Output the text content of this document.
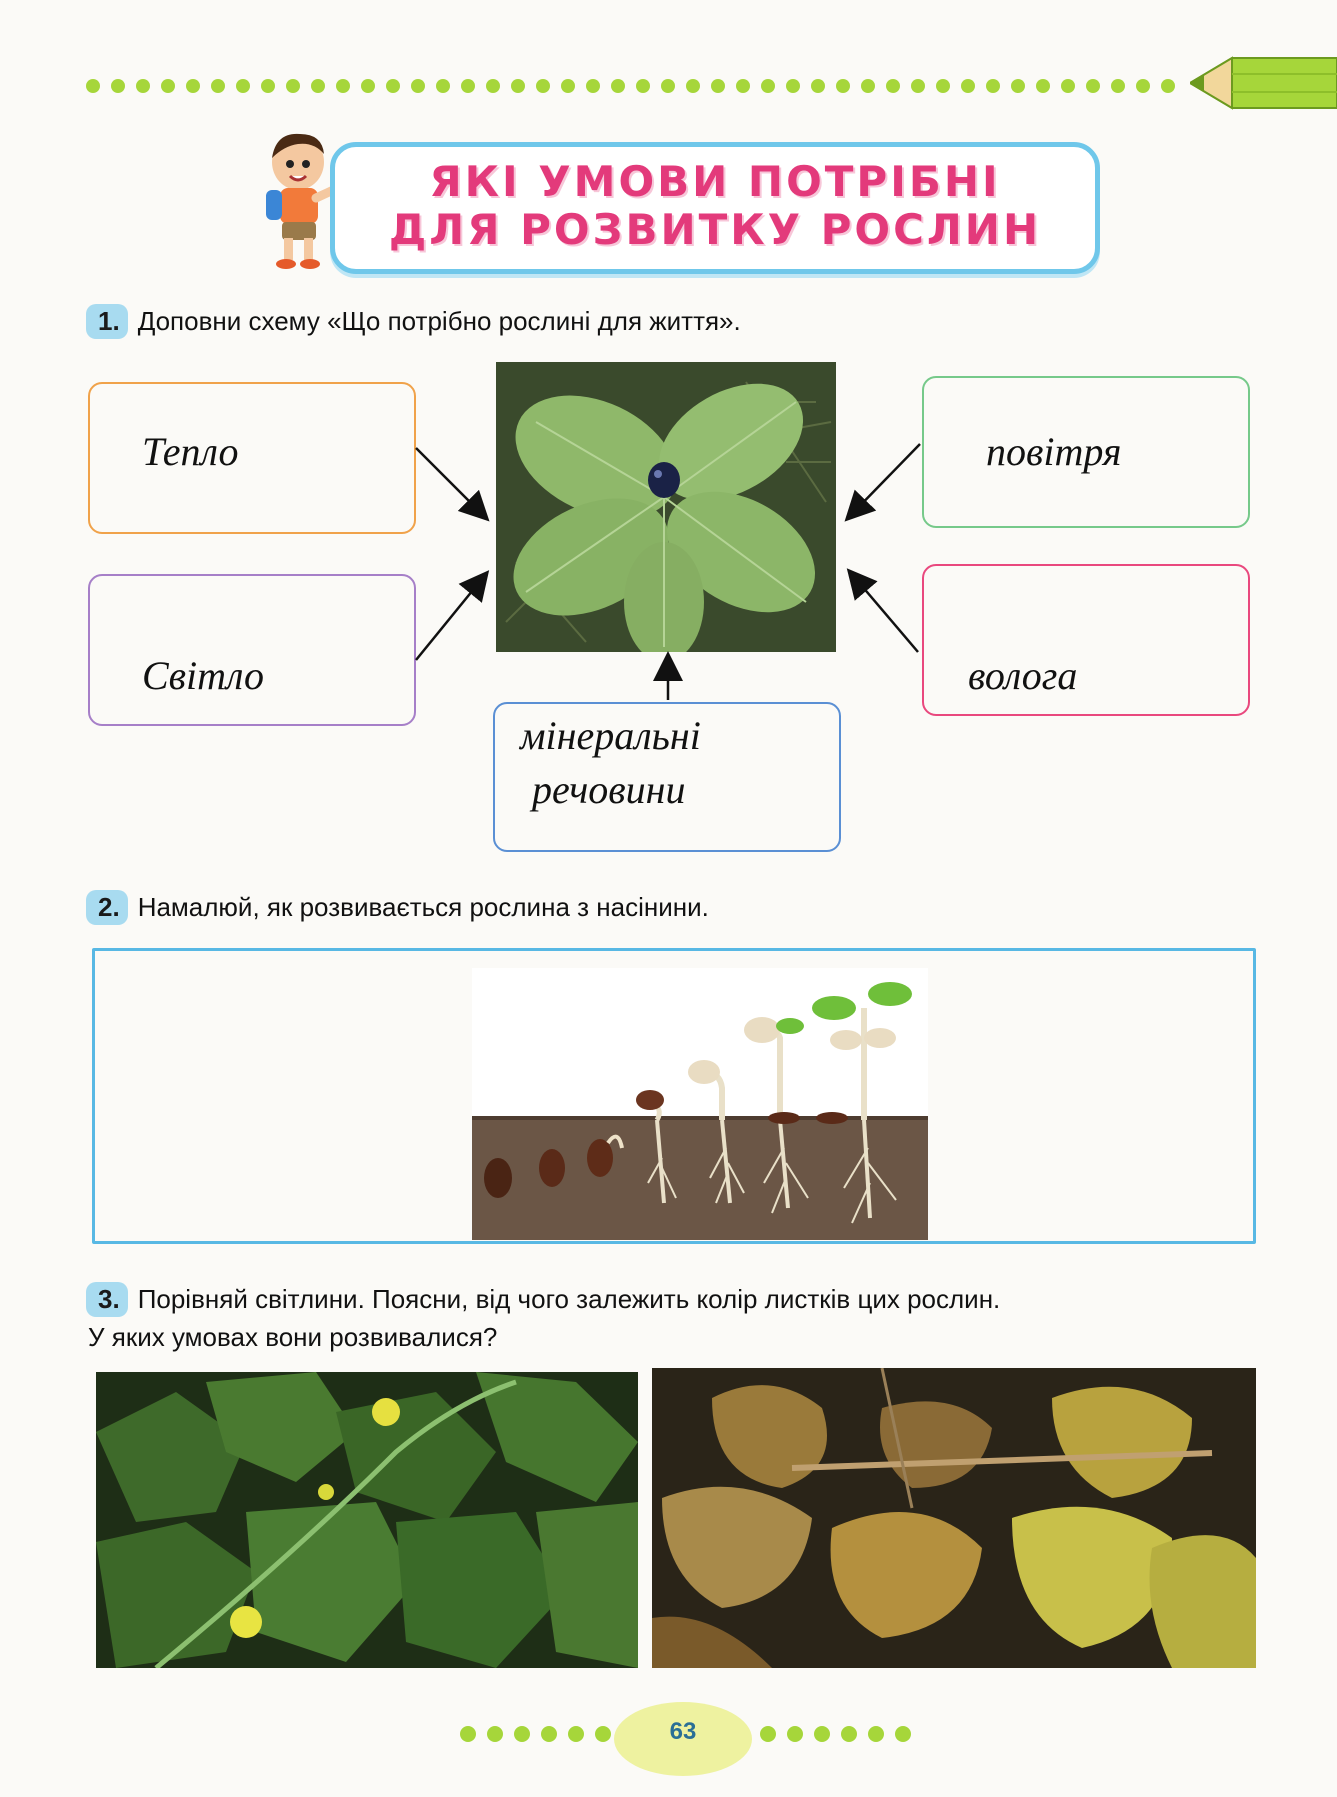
ЯКІ УМОВИ ПОТРІБНІ
ДЛЯ РОЗВИТКУ РОСЛИН
1. Доповни схему «Що потрібно рослині для життя».
Тепло
Світло
повітря
волога
мінеральні
речовини
2. Намалюй, як розвивається рослина з насінини.
3. Порівняй світлини. Поясни, від чого залежить колір листків цих рослин.
У яких умовах вони розвивалися?
63
